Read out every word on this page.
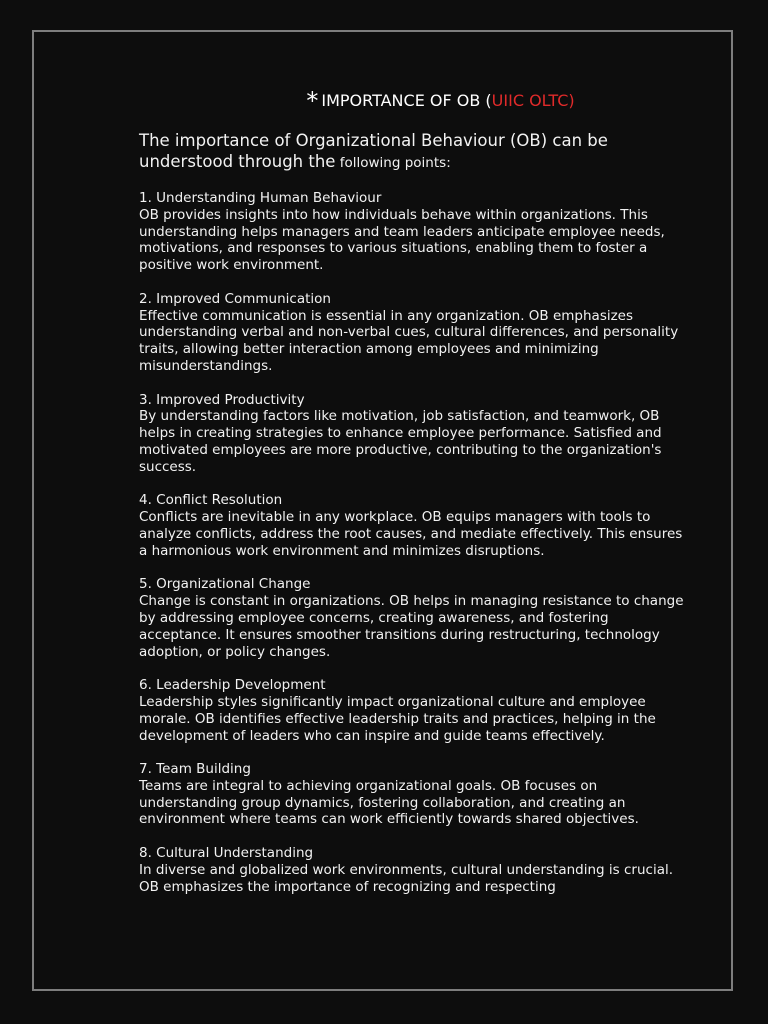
* IMPORTANCE OF OB (UIIC OLTC)
The importance of Organizational Behaviour (OB) can be understood through the following points:
1. Understanding Human Behaviour
OB provides insights into how individuals behave within organizations. This understanding helps managers and team leaders anticipate employee needs, motivations, and responses to various situations, enabling them to foster a positive work environment.
2. Improved Communication
Effective communication is essential in any organization. OB emphasizes understanding verbal and non-verbal cues, cultural differences, and personality traits, allowing better interaction among employees and minimizing misunderstandings.
3. Improved Productivity
By understanding factors like motivation, job satisfaction, and teamwork, OB helps in creating strategies to enhance employee performance. Satisfied and motivated employees are more productive, contributing to the organization's success.
4. Conflict Resolution
Conflicts are inevitable in any workplace. OB equips managers with tools to analyze conflicts, address the root causes, and mediate effectively. This ensures a harmonious work environment and minimizes disruptions.
5. Organizational Change
Change is constant in organizations. OB helps in managing resistance to change by addressing employee concerns, creating awareness, and fostering acceptance. It ensures smoother transitions during restructuring, technology adoption, or policy changes.
6. Leadership Development
Leadership styles significantly impact organizational culture and employee morale. OB identifies effective leadership traits and practices, helping in the development of leaders who can inspire and guide teams effectively.
7. Team Building
Teams are integral to achieving organizational goals. OB focuses on understanding group dynamics, fostering collaboration, and creating an environment where teams can work efficiently towards shared objectives.
8. Cultural Understanding
In diverse and globalized work environments, cultural understanding is crucial. OB emphasizes the importance of recognizing and respecting
